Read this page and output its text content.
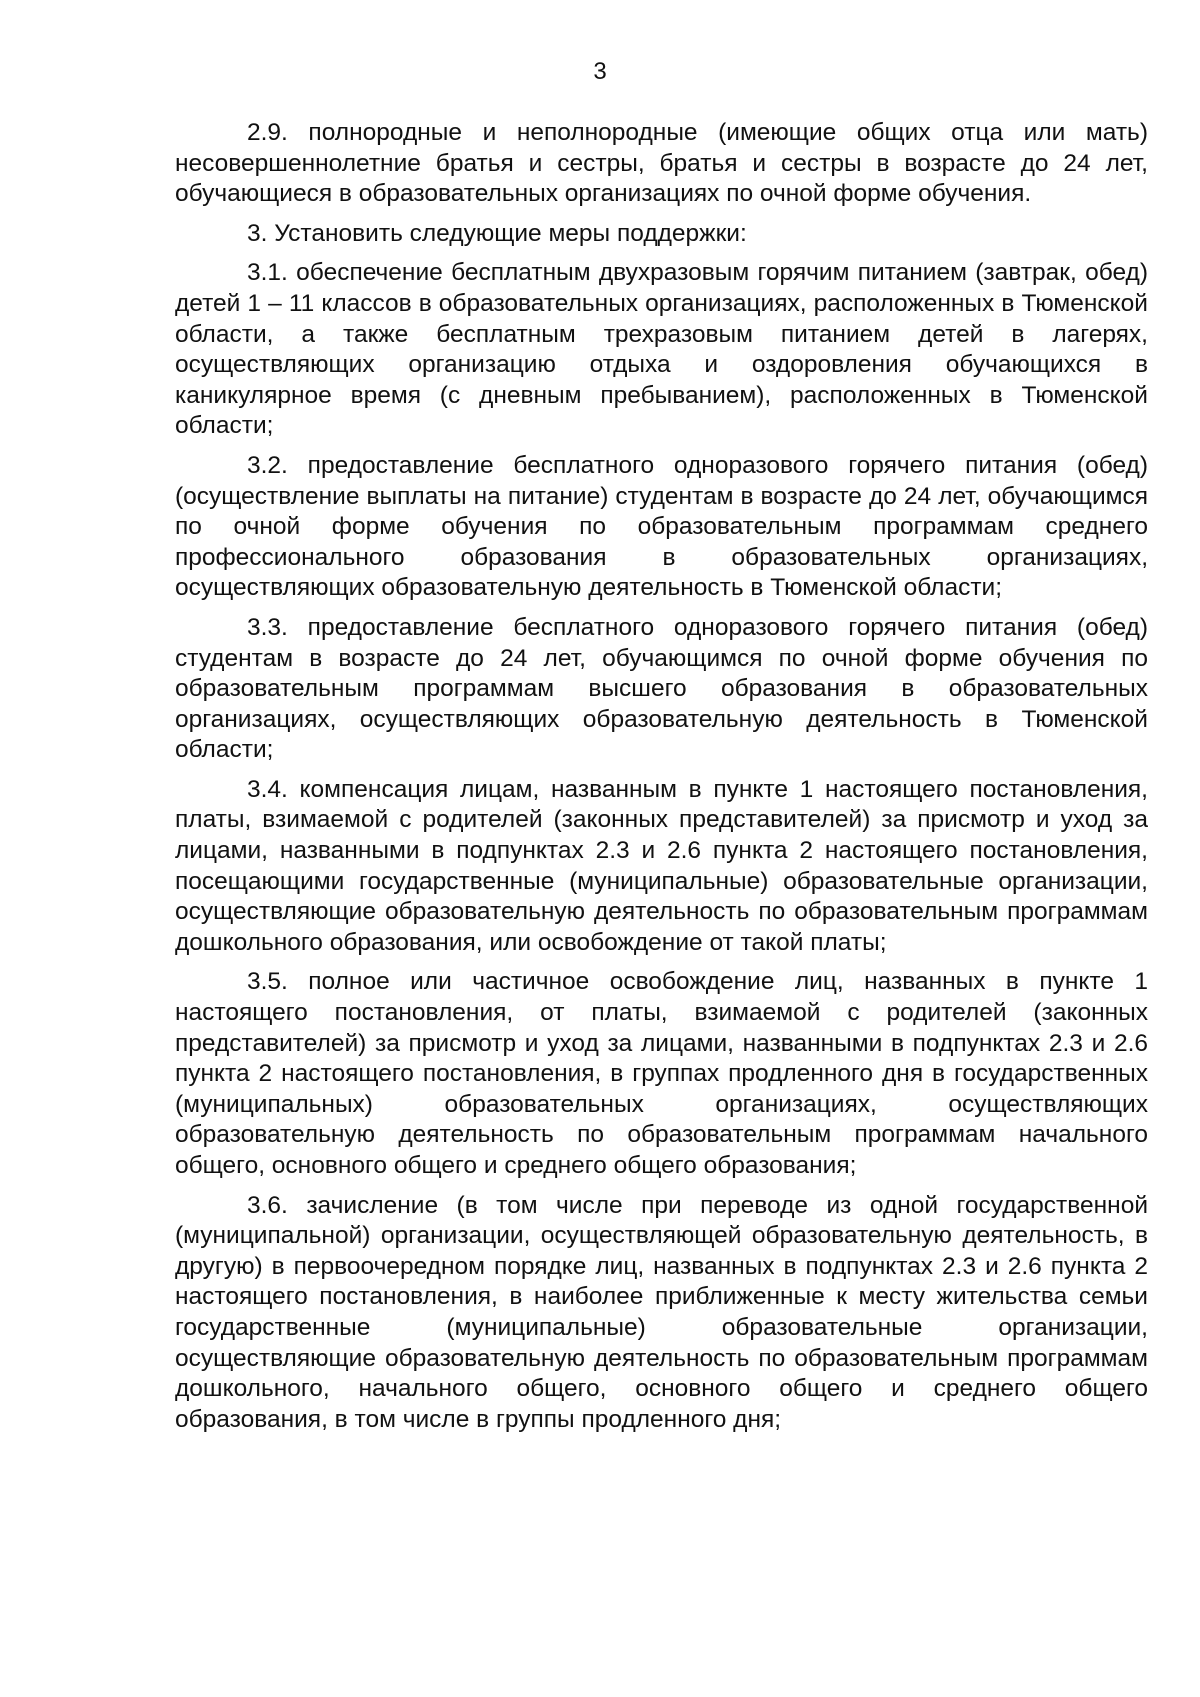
3

2.9. полнородные и неполнородные (имеющие общих отца или мать) несовершеннолетние братья и сестры, братья и сестры в возрасте до 24 лет, обучающиеся в образовательных организациях по очной форме обучения.

3. Установить следующие меры поддержки:

3.1. обеспечение бесплатным двухразовым горячим питанием (завтрак, обед) детей 1 – 11 классов в образовательных организациях, расположенных в Тюменской области, а также бесплатным трехразовым питанием детей в лагерях, осуществляющих организацию отдыха и оздоровления обучающихся в каникулярное время (с дневным пребыванием), расположенных в Тюменской области;

3.2. предоставление бесплатного одноразового горячего питания (обед) (осуществление выплаты на питание) студентам в возрасте до 24 лет, обучающимся по очной форме обучения по образовательным программам среднего профессионального образования в образовательных организациях, осуществляющих образовательную деятельность в Тюменской области;

3.3. предоставление бесплатного одноразового горячего питания (обед) студентам в возрасте до 24 лет, обучающимся по очной форме обучения по образовательным программам высшего образования в образовательных организациях, осуществляющих образовательную деятельность в Тюменской области;

3.4. компенсация лицам, названным в пункте 1 настоящего постановления, платы, взимаемой с родителей (законных представителей) за присмотр и уход за лицами, названными в подпунктах 2.3 и 2.6 пункта 2 настоящего постановления, посещающими государственные (муниципальные) образовательные организации, осуществляющие образовательную деятельность по образовательным программам дошкольного образования, или освобождение от такой платы;

3.5. полное или частичное освобождение лиц, названных в пункте 1 настоящего постановления, от платы, взимаемой с родителей (законных представителей) за присмотр и уход за лицами, названными в подпунктах 2.3 и 2.6 пункта 2 настоящего постановления, в группах продленного дня в государственных (муниципальных) образовательных организациях, осуществляющих образовательную деятельность по образовательным программам начального общего, основного общего и среднего общего образования;

3.6. зачисление (в том числе при переводе из одной государственной (муниципальной) организации, осуществляющей образовательную деятельность, в другую) в первоочередном порядке лиц, названных в подпунктах 2.3 и 2.6 пункта 2 настоящего постановления, в наиболее приближенные к месту жительства семьи государственные (муниципальные) образовательные организации, осуществляющие образовательную деятельность по образовательным программам дошкольного, начального общего, основного общего и среднего общего образования, в том числе в группы продленного дня;
